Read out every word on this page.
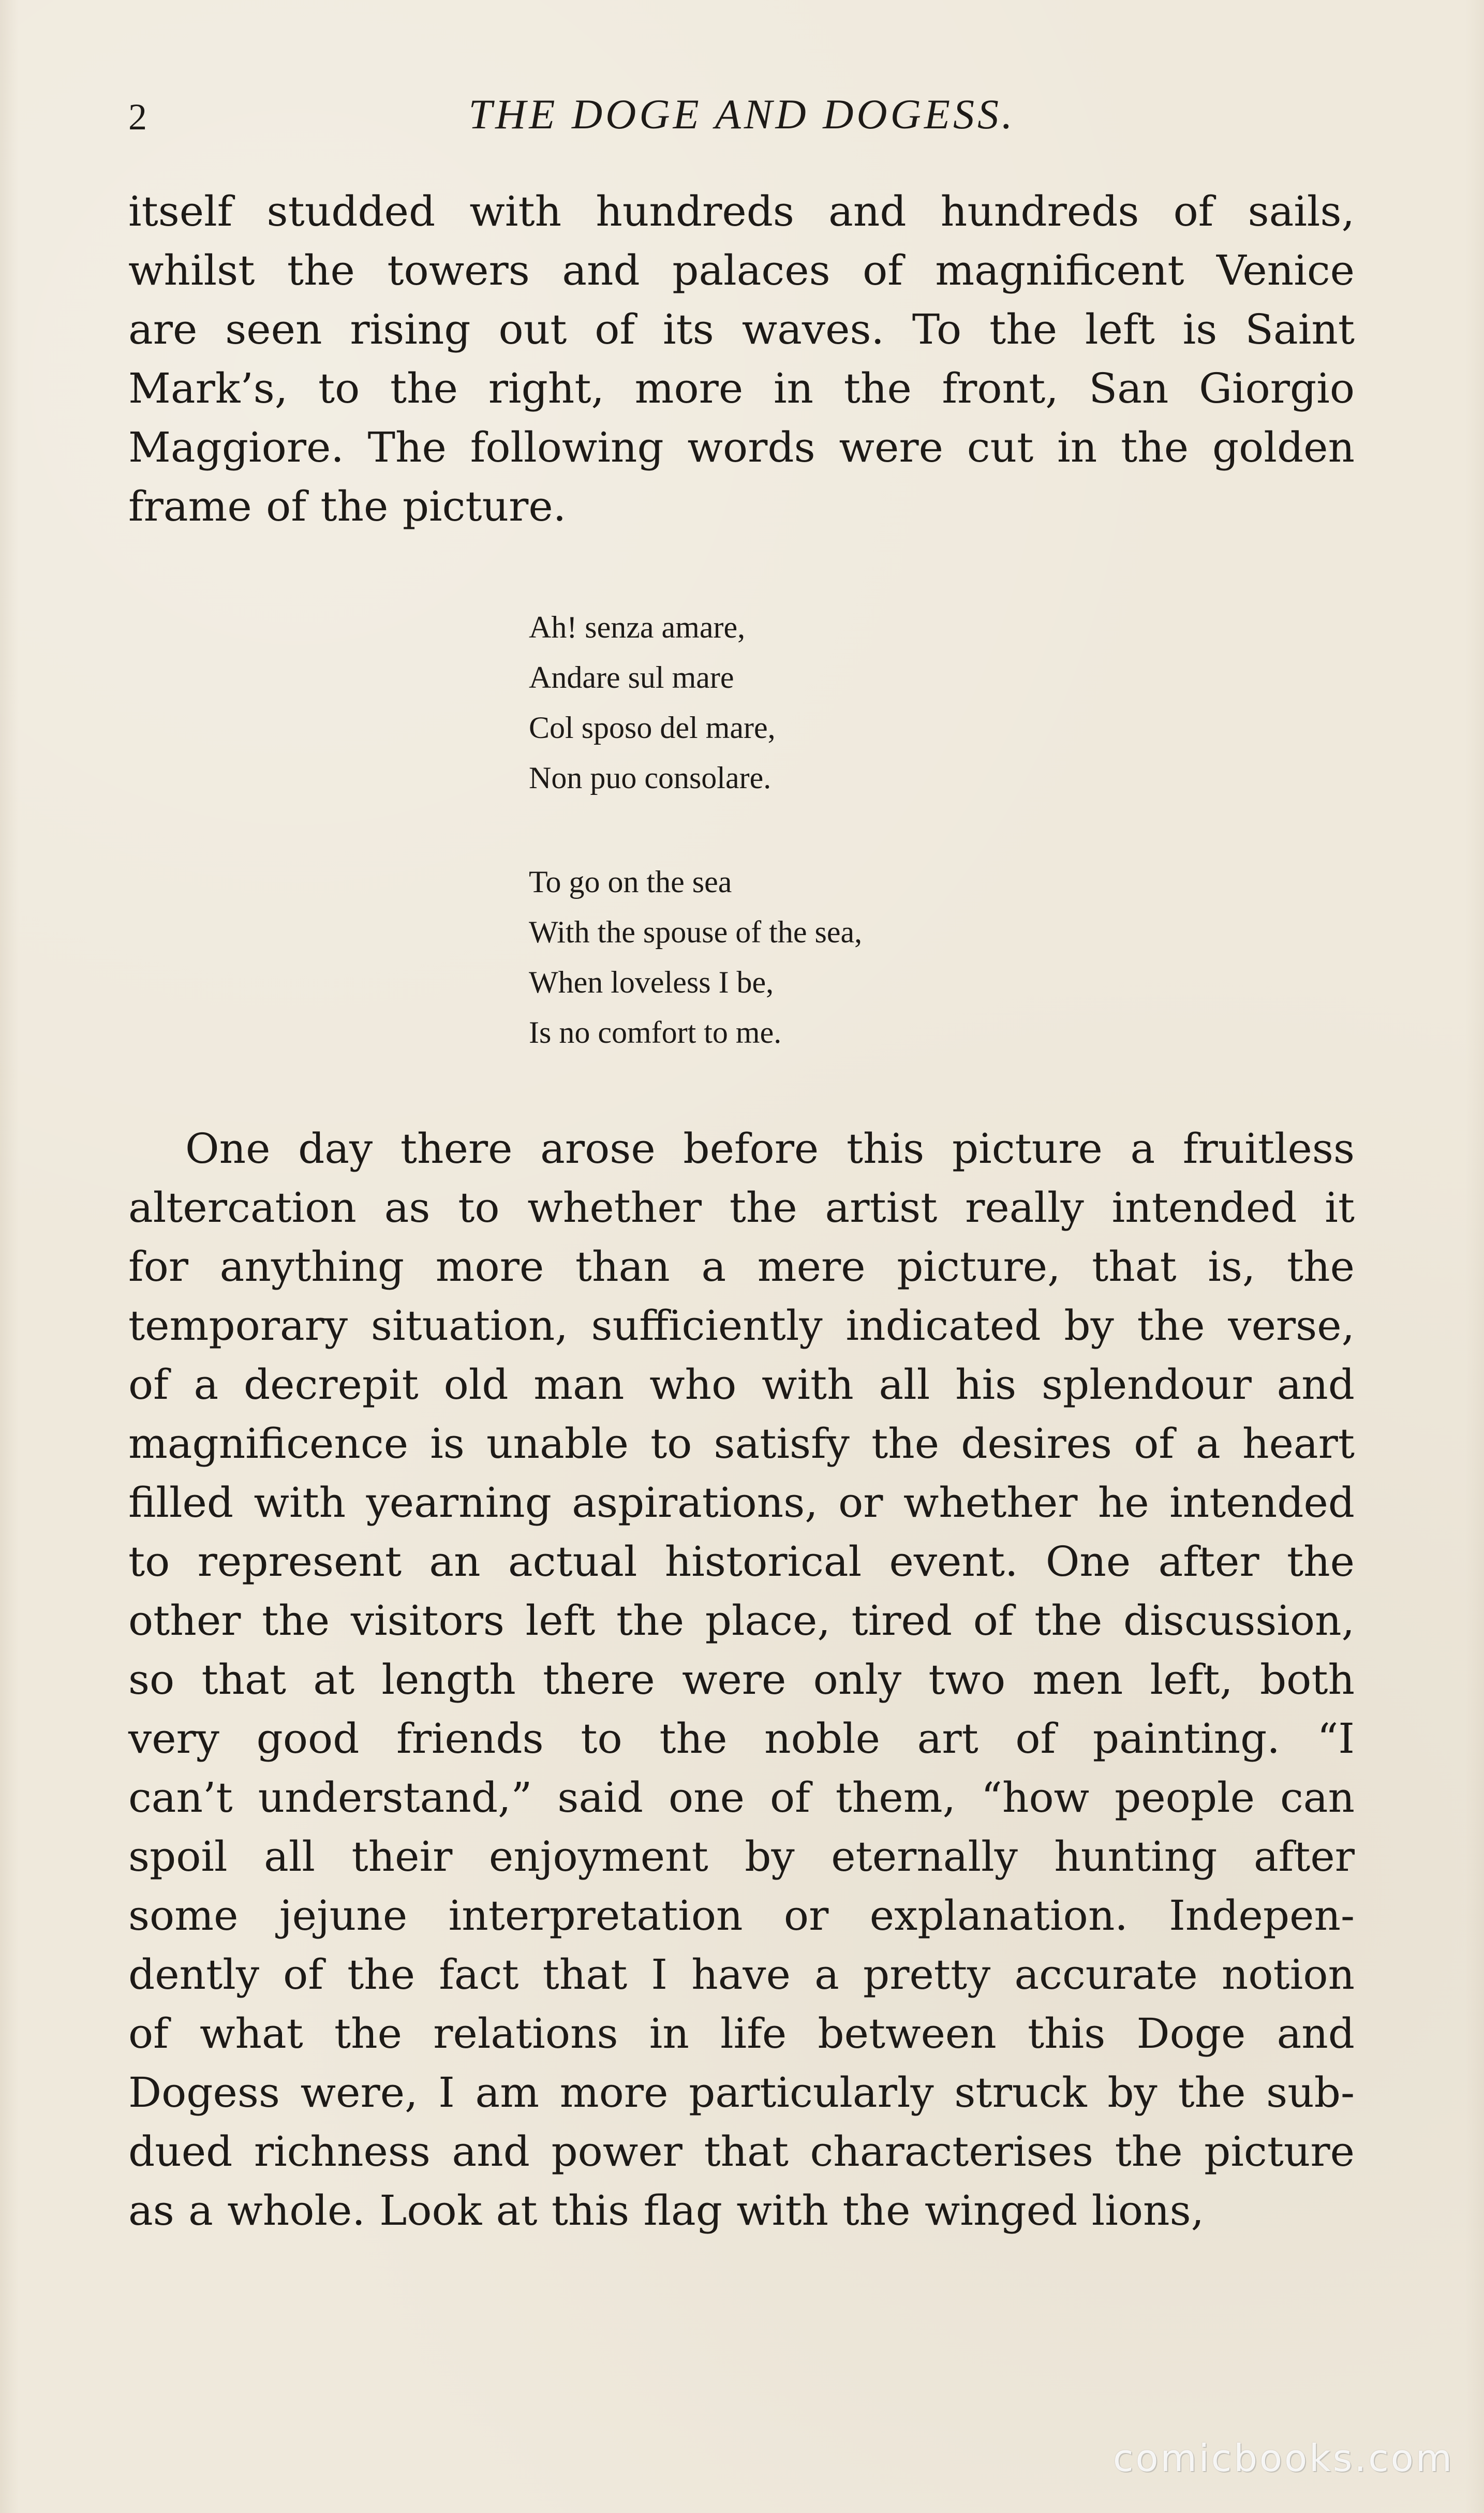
2	THE DOGE AND DOGESS.
itself studded with hundreds and hundreds of sails,
whilst the towers and palaces of magnificent Venice
are seen rising out of its waves. To the left is Saint
Mark’s, to the right, more in the front, San Giorgio
Maggiore. The following words were cut in the golden
frame of the picture.
Ah! senza amare,
Andare sul mare
Col sposo del mare,
Non puo consolare.
To go on the sea
With the spouse of the sea,
When loveless I be,
Is no comfort to me.
One day there arose before this picture a fruitless
altercation as to whether the artist really intended it
for anything more than a mere picture, that is, the
temporary situation, sufficiently indicated by the verse,
of a decrepit old man who with all his splendour and
magnificence is unable to satisfy the desires of a heart
filled with yearning aspirations, or whether he intended
to represent an actual historical event. One after the
other the visitors left the place, tired of the discussion,
so that at length there were only two men left, both
very good friends to the noble art of painting. “I
can’t understand,” said one of them, “how people can
spoil all their enjoyment by eternally hunting after
some jejune interpretation or explanation. Indepen-
dently of the fact that I have a pretty accurate notion
of what the relations in life between this Doge and
Dogess were, I am more particularly struck by the sub-
dued richness and power that characterises the picture
as a whole. Look at this flag with the winged lions,
comicbooks.com
